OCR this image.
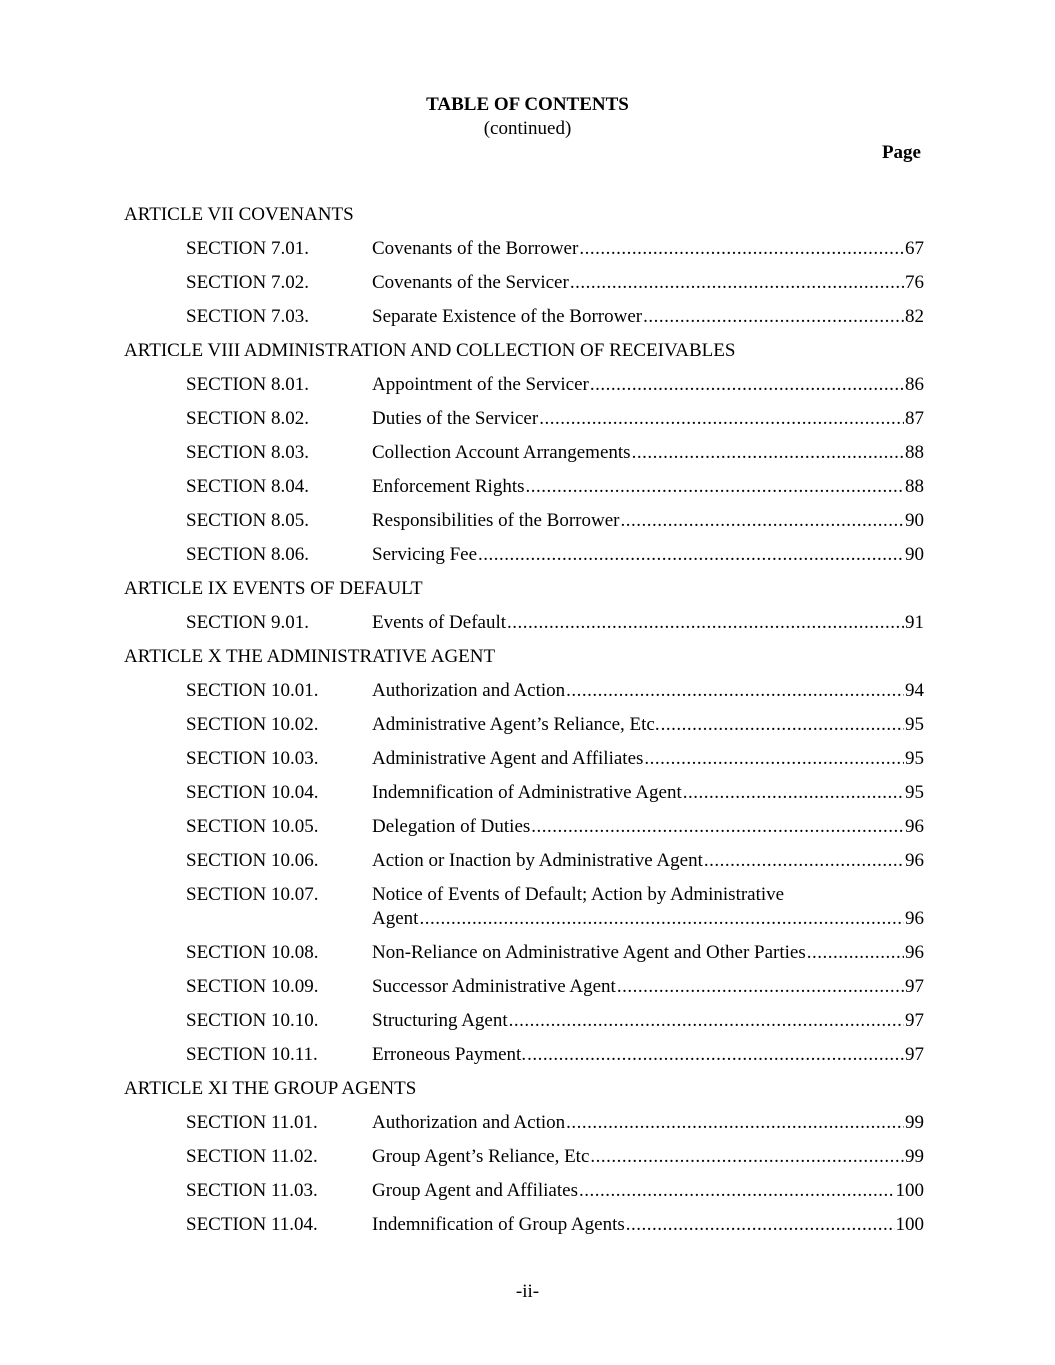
TABLE OF CONTENTS
(continued)
Page
ARTICLE VII COVENANTS
SECTION 7.01.	Covenants of the Borrower .....	67
SECTION 7.02.	Covenants of the Servicer .....	76
SECTION 7.03.	Separate Existence of the Borrower .....	82
ARTICLE VIII ADMINISTRATION AND COLLECTION OF RECEIVABLES
SECTION 8.01.	Appointment of the Servicer .....	86
SECTION 8.02.	Duties of the Servicer .....	87
SECTION 8.03.	Collection Account Arrangements .....	88
SECTION 8.04.	Enforcement Rights .....	88
SECTION 8.05.	Responsibilities of the Borrower .....	90
SECTION 8.06.	Servicing Fee .....	90
ARTICLE IX EVENTS OF DEFAULT
SECTION 9.01.	Events of Default .....	91
ARTICLE X THE ADMINISTRATIVE AGENT
SECTION 10.01.	Authorization and Action .....	94
SECTION 10.02.	Administrative Agent’s Reliance, Etc. .....	95
SECTION 10.03.	Administrative Agent and Affiliates .....	95
SECTION 10.04.	Indemnification of Administrative Agent .....	95
SECTION 10.05.	Delegation of Duties .....	96
SECTION 10.06.	Action or Inaction by Administrative Agent .....	96
SECTION 10.07.	Notice of Events of Default; Action by Administrative
Agent .....	96
SECTION 10.08.	Non-Reliance on Administrative Agent and Other Parties .....	96
SECTION 10.09.	Successor Administrative Agent .....	97
SECTION 10.10.	Structuring Agent .....	97
SECTION 10.11.	Erroneous Payment. .....	97
ARTICLE XI THE GROUP AGENTS
SECTION 11.01.	Authorization and Action .....	99
SECTION 11.02.	Group Agent’s Reliance, Etc .....	99
SECTION 11.03.	Group Agent and Affiliates .....	100
SECTION 11.04.	Indemnification of Group Agents .....	100
-ii-
